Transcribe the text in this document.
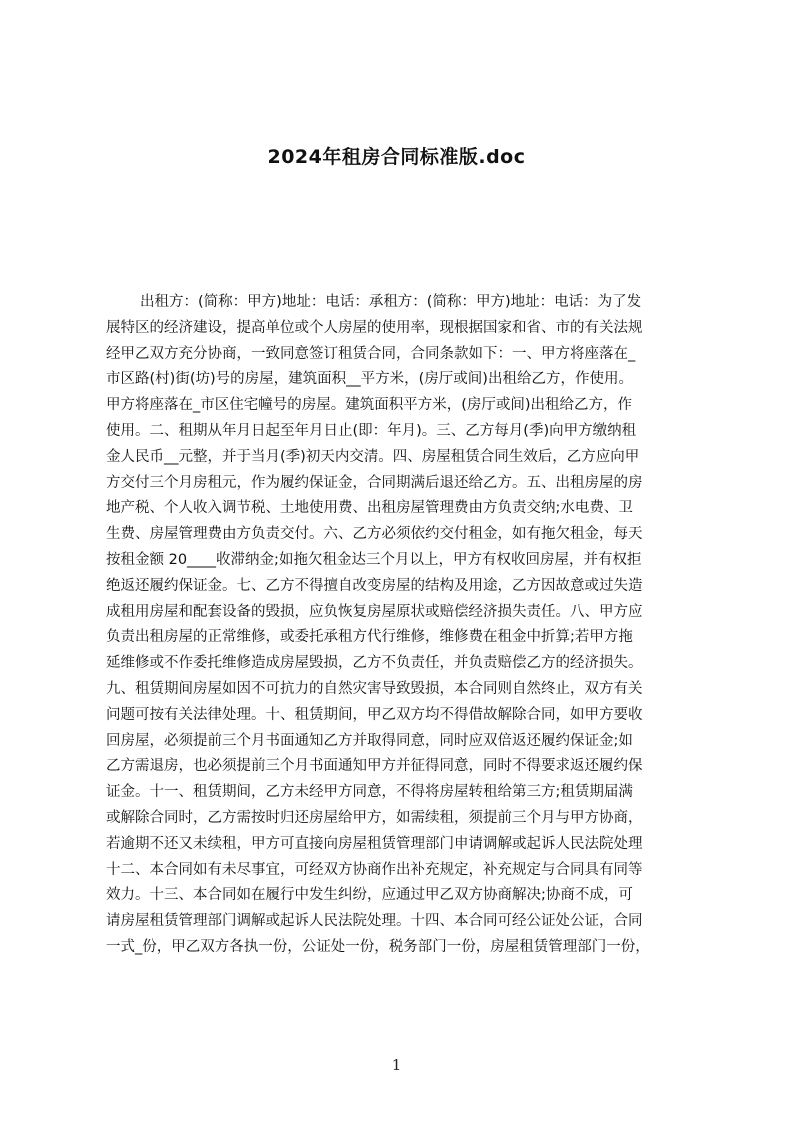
2024年租房合同标准版.doc
出租方：(简称：甲方)地址：电话：承租方：(简称：甲方)地址：电话：为了发
展特区的经济建设，提高单位或个人房屋的使用率，现根据国家和省、市的有关法规
经甲乙双方充分协商，一致同意签订租赁合同，合同条款如下：一、甲方将座落在_
市区路(村)街(坊)号的房屋，建筑面积__平方米，(房厅或间)出租给乙方，作使用。
甲方将座落在_市区住宅幢号的房屋。建筑面积平方米，(房厅或间)出租给乙方，作
使用。二、租期从年月日起至年月日止(即：年月)。三、乙方每月(季)向甲方缴纳租
金人民币__元整，并于当月(季)初天内交清。四、房屋租赁合同生效后，乙方应向甲
方交付三个月房租元，作为履约保证金，合同期满后退还给乙方。五、出租房屋的房
地产税、个人收入调节税、土地使用费、出租房屋管理费由方负责交纳;水电费、卫
生费、房屋管理费由方负责交付。六、乙方必须依约交付租金，如有拖欠租金，每天
按租金额 20____收滞纳金;如拖欠租金达三个月以上，甲方有权收回房屋，并有权拒
绝返还履约保证金。七、乙方不得擅自改变房屋的结构及用途，乙方因故意或过失造
成租用房屋和配套设备的毁损，应负恢复房屋原状或赔偿经济损失责任。八、甲方应
负责出租房屋的正常维修，或委托承租方代行维修，维修费在租金中折算;若甲方拖
延维修或不作委托维修造成房屋毁损，乙方不负责任，并负责赔偿乙方的经济损失。
九、租赁期间房屋如因不可抗力的自然灾害导致毁损，本合同则自然终止，双方有关
问题可按有关法律处理。十、租赁期间，甲乙双方均不得借故解除合同，如甲方要收
回房屋，必须提前三个月书面通知乙方并取得同意，同时应双倍返还履约保证金;如
乙方需退房，也必须提前三个月书面通知甲方并征得同意，同时不得要求返还履约保
证金。十一、租赁期间，乙方未经甲方同意，不得将房屋转租给第三方;租赁期届满
或解除合同时，乙方需按时归还房屋给甲方，如需续租，须提前三个月与甲方协商，
若逾期不还又未续租，甲方可直接向房屋租赁管理部门申请调解或起诉人民法院处理
十二、本合同如有未尽事宜，可经双方协商作出补充规定，补充规定与合同具有同等
效力。十三、本合同如在履行中发生纠纷，应通过甲乙双方协商解决;协商不成，可
请房屋租赁管理部门调解或起诉人民法院处理。十四、本合同可经公证处公证，合同
一式_份，甲乙双方各执一份，公证处一份，税务部门一份，房屋租赁管理部门一份，
1
